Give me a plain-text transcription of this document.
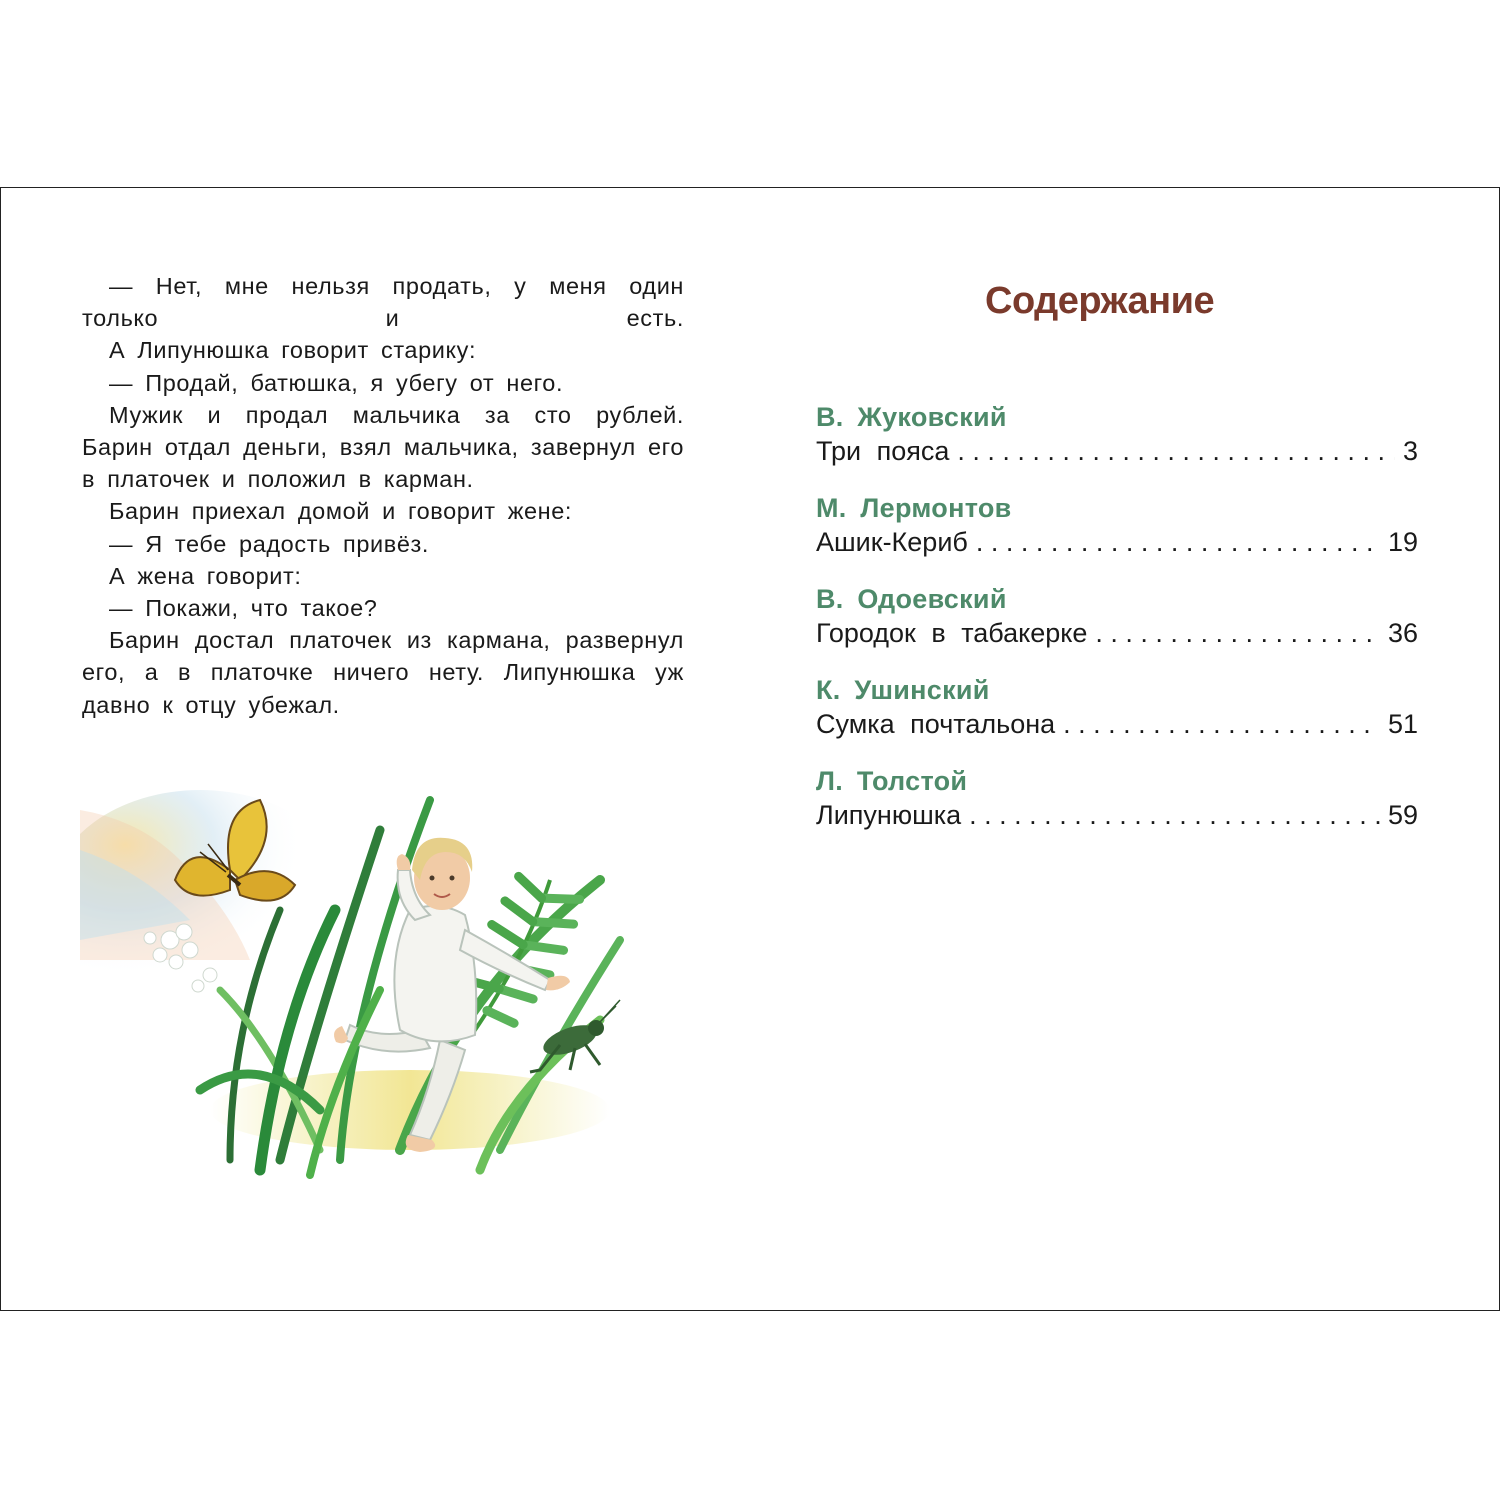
— Нет, мне нельзя продать, у меня один только и есть.

А Липунюшка говорит старику:

— Продай, батюшка, я убегу от него.

Мужик и продал мальчика за сто рублей. Барин отдал деньги, взял мальчика, завернул его в платочек и положил в карман.

Барин приехал домой и говорит жене:

— Я тебе радость привёз.

А жена говорит:

— Покажи, что такое?

Барин достал платочек из кармана, развернул его, а в платочке ничего нету. Липунюшка уж давно к отцу убежал.

Содержание
В. Жуковский
Три пояса . . .	3
М. Лермонтов
Ашик-Кериб . . .	19
В. Одоевский
Городок в табакерке . . .	36
К. Ушинский
Сумка почтальона . . .	51
Л. Толстой
Липунюшка . . .	59
